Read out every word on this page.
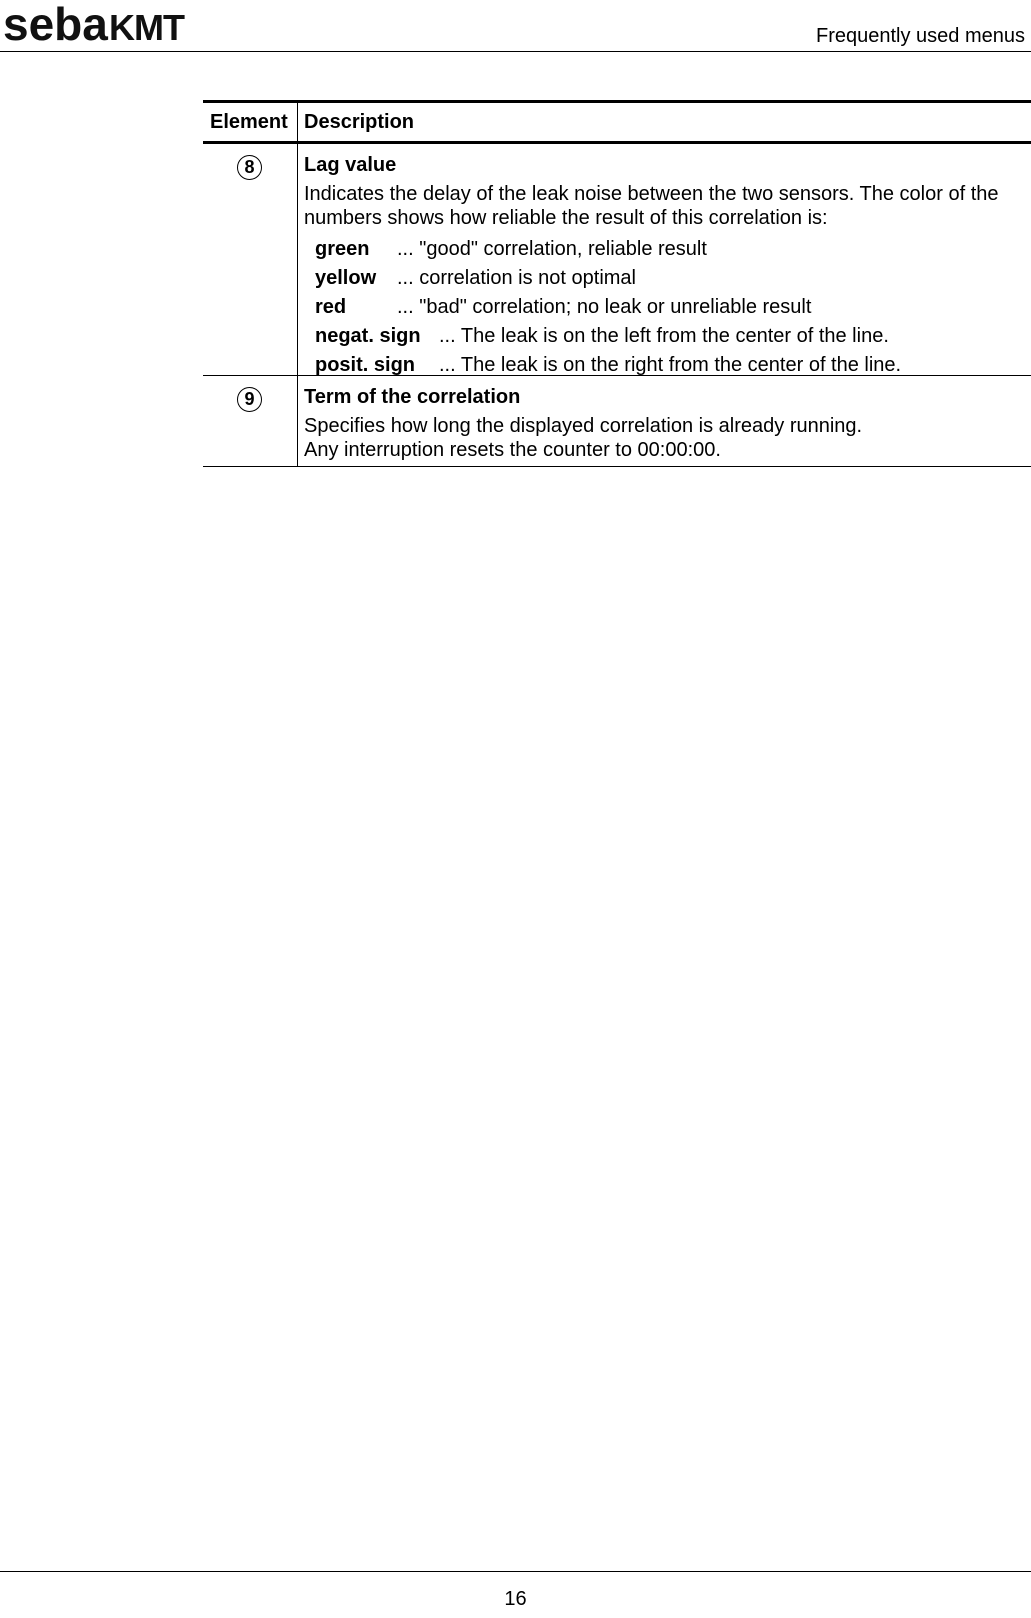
seba KMT	Frequently used menus
Element Description
8	Lag value
Indicates the delay of the leak noise between the two sensors. The color of the numbers shows how reliable the result of this correlation is:
green	... "good" correlation, reliable result
yellow	... correlation is not optimal
red	... "bad" correlation; no leak or unreliable result
negat. sign ... The leak is on the left from the center of the line.
posit. sign	... The leak is on the right from the center of the line.
9	Term of the correlation
Specifies how long the displayed correlation is already running.
Any interruption resets the counter to 00:00:00.
16
